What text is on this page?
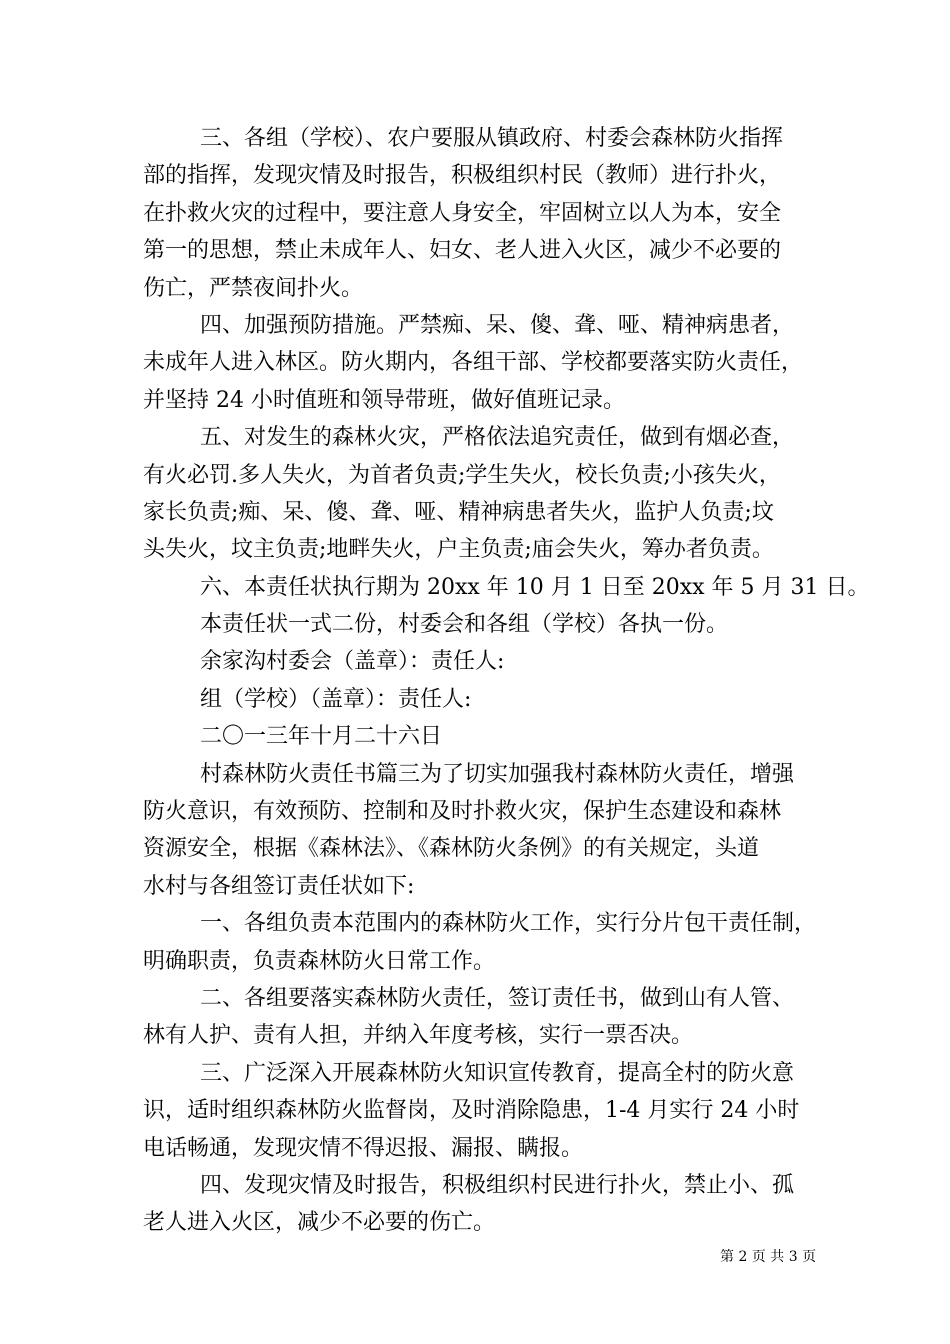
三、各组（学校）、农户要服从镇政府、村委会森林防火指挥
部的指挥，发现灾情及时报告，积极组织村民（教师）进行扑火，
在扑救火灾的过程中，要注意人身安全，牢固树立以人为本，安全
第一的思想，禁止未成年人、妇女、老人进入火区，减少不必要的
伤亡，严禁夜间扑火。
四、加强预防措施。严禁痴、呆、傻、聋、哑、精神病患者，
未成年人进入林区。防火期内，各组干部、学校都要落实防火责任，
并坚持 24 小时值班和领导带班，做好值班记录。
五、对发生的森林火灾，严格依法追究责任，做到有烟必查，
有火必罚.多人失火，为首者负责;学生失火，校长负责;小孩失火，
家长负责;痴、呆、傻、聋、哑、精神病患者失火，监护人负责;坟
头失火，坟主负责;地畔失火，户主负责;庙会失火，筹办者负责。
六、本责任状执行期为 20xx 年 10 月 1 日至 20xx 年 5 月 31 日。
本责任状一式二份，村委会和各组（学校）各执一份。
余家沟村委会（盖章）：责任人:
组（学校）（盖章）：责任人:
二〇一三年十月二十六日
村森林防火责任书篇三为了切实加强我村森林防火责任，增强
防火意识，有效预防、控制和及时扑救火灾，保护生态建设和森林
资源安全，根据《森林法》、《森林防火条例》的有关规定，头道
水村与各组签订责任状如下:
一、各组负责本范围内的森林防火工作，实行分片包干责任制，
明确职责，负责森林防火日常工作。
二、各组要落实森林防火责任，签订责任书，做到山有人管、
林有人护、责有人担，并纳入年度考核，实行一票否决。
三、广泛深入开展森林防火知识宣传教育，提高全村的防火意
识，适时组织森林防火监督岗，及时消除隐患，1-4 月实行 24 小时
电话畅通，发现灾情不得迟报、漏报、瞒报。
四、发现灾情及时报告，积极组织村民进行扑火，禁止小、孤
老人进入火区，减少不必要的伤亡。
第 2 页 共 3 页
